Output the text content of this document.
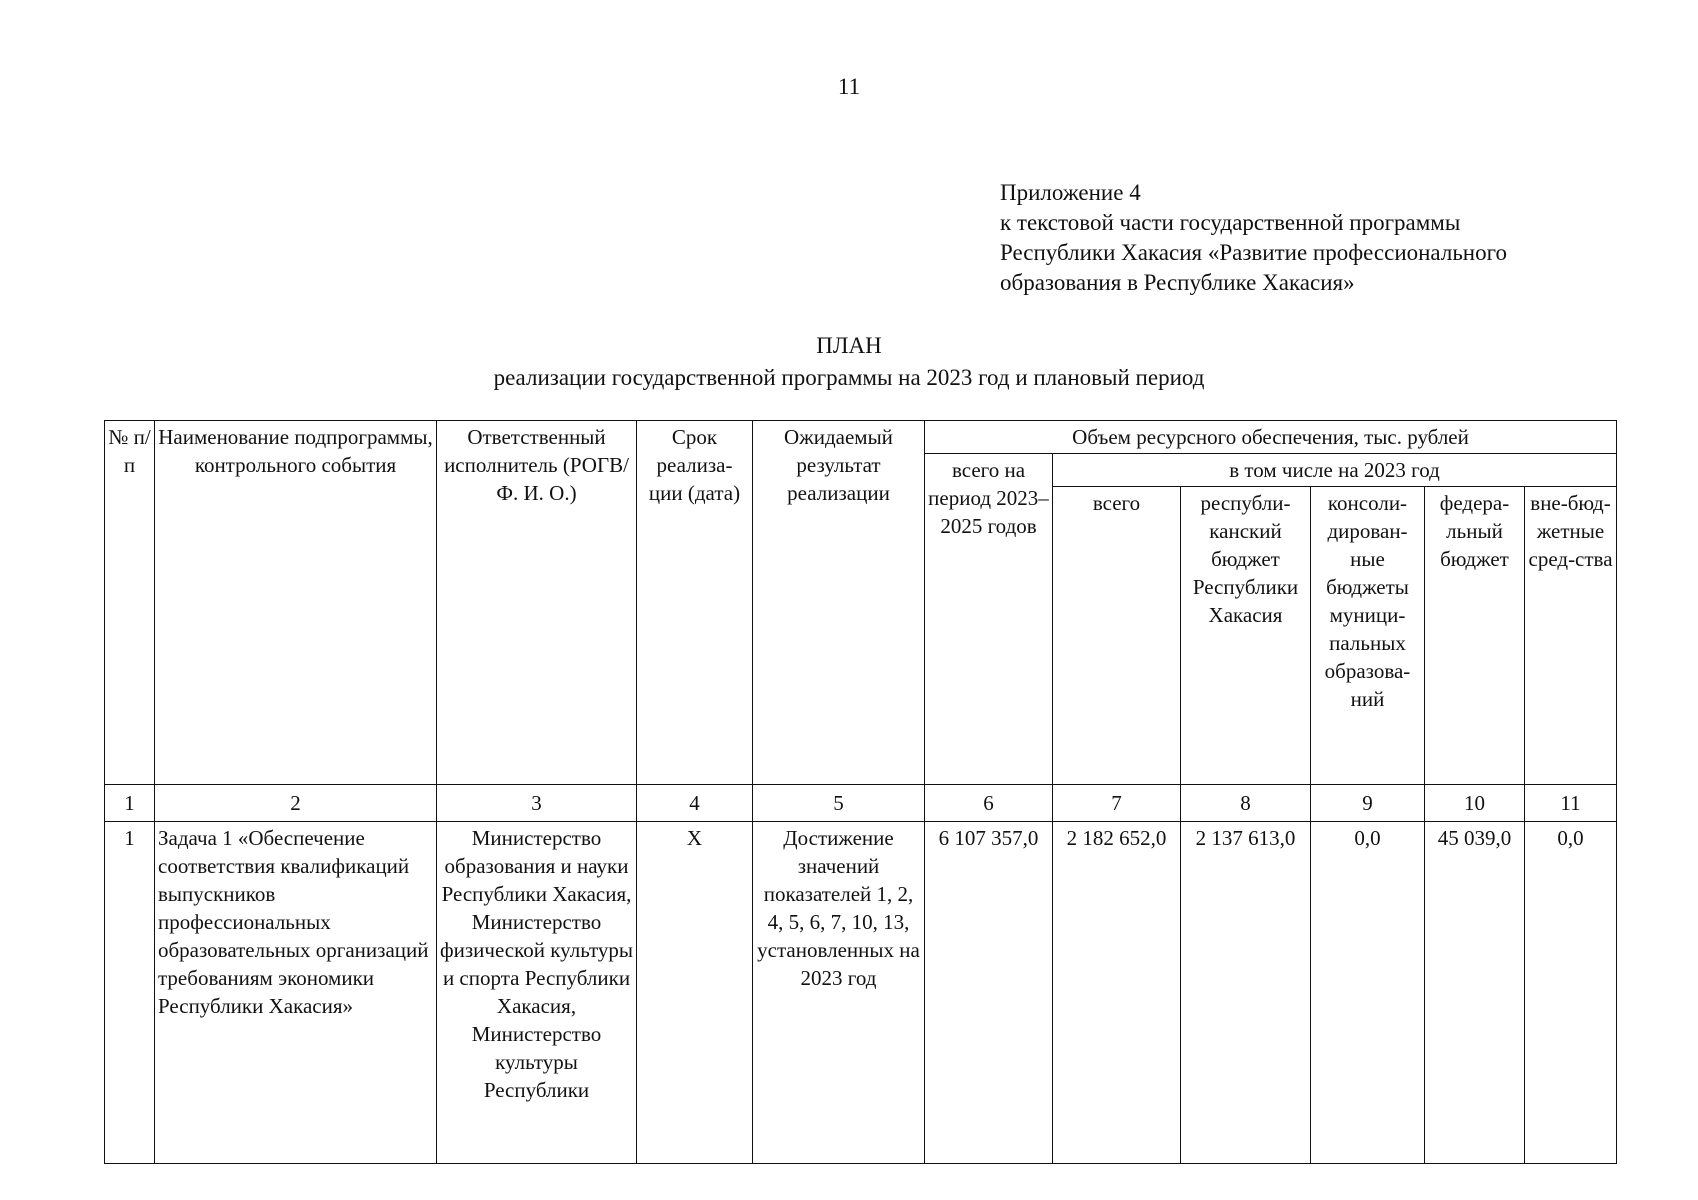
11
Приложение 4
к текстовой части государственной программы
Республики Хакасия «Развитие профессионального
образования в Республике Хакасия»
ПЛАН
реализации государственной программы на 2023 год и плановый период
№ п/п	Наименование подпрограммы, контрольного события	Ответственный исполнитель (РОГВ/Ф. И. О.)	Срок реализа-ции (дата)	Ожидаемый результат реализации	Объем ресурсного обеспечения, тыс. рублей					
					всего на период 2023–2025 годов	в том числе на 2023 год				
						всего	республи-канский бюджет Республики Хакасия	консоли-дирован-ные бюджеты муници-пальных образова-ний	федера-льный бюджет	вне-бюд-жетные сред-ства
1	2	3	4	5	6	7	8	9	10	11
1	Задача 1 «Обеспечение соответствия квалификаций выпускников профессиональных образовательных организаций требованиям экономики Республики Хакасия»	Министерство образования и науки Республики Хакасия, Министерство физической культуры и спорта Республики Хакасия, Министерство культуры Республики	Х	Достижение значений показателей 1, 2, 4, 5, 6, 7, 10, 13, установленных на 2023 год	6 107 357,0	2 182 652,0	2 137 613,0	0,0	45 039,0	0,0
